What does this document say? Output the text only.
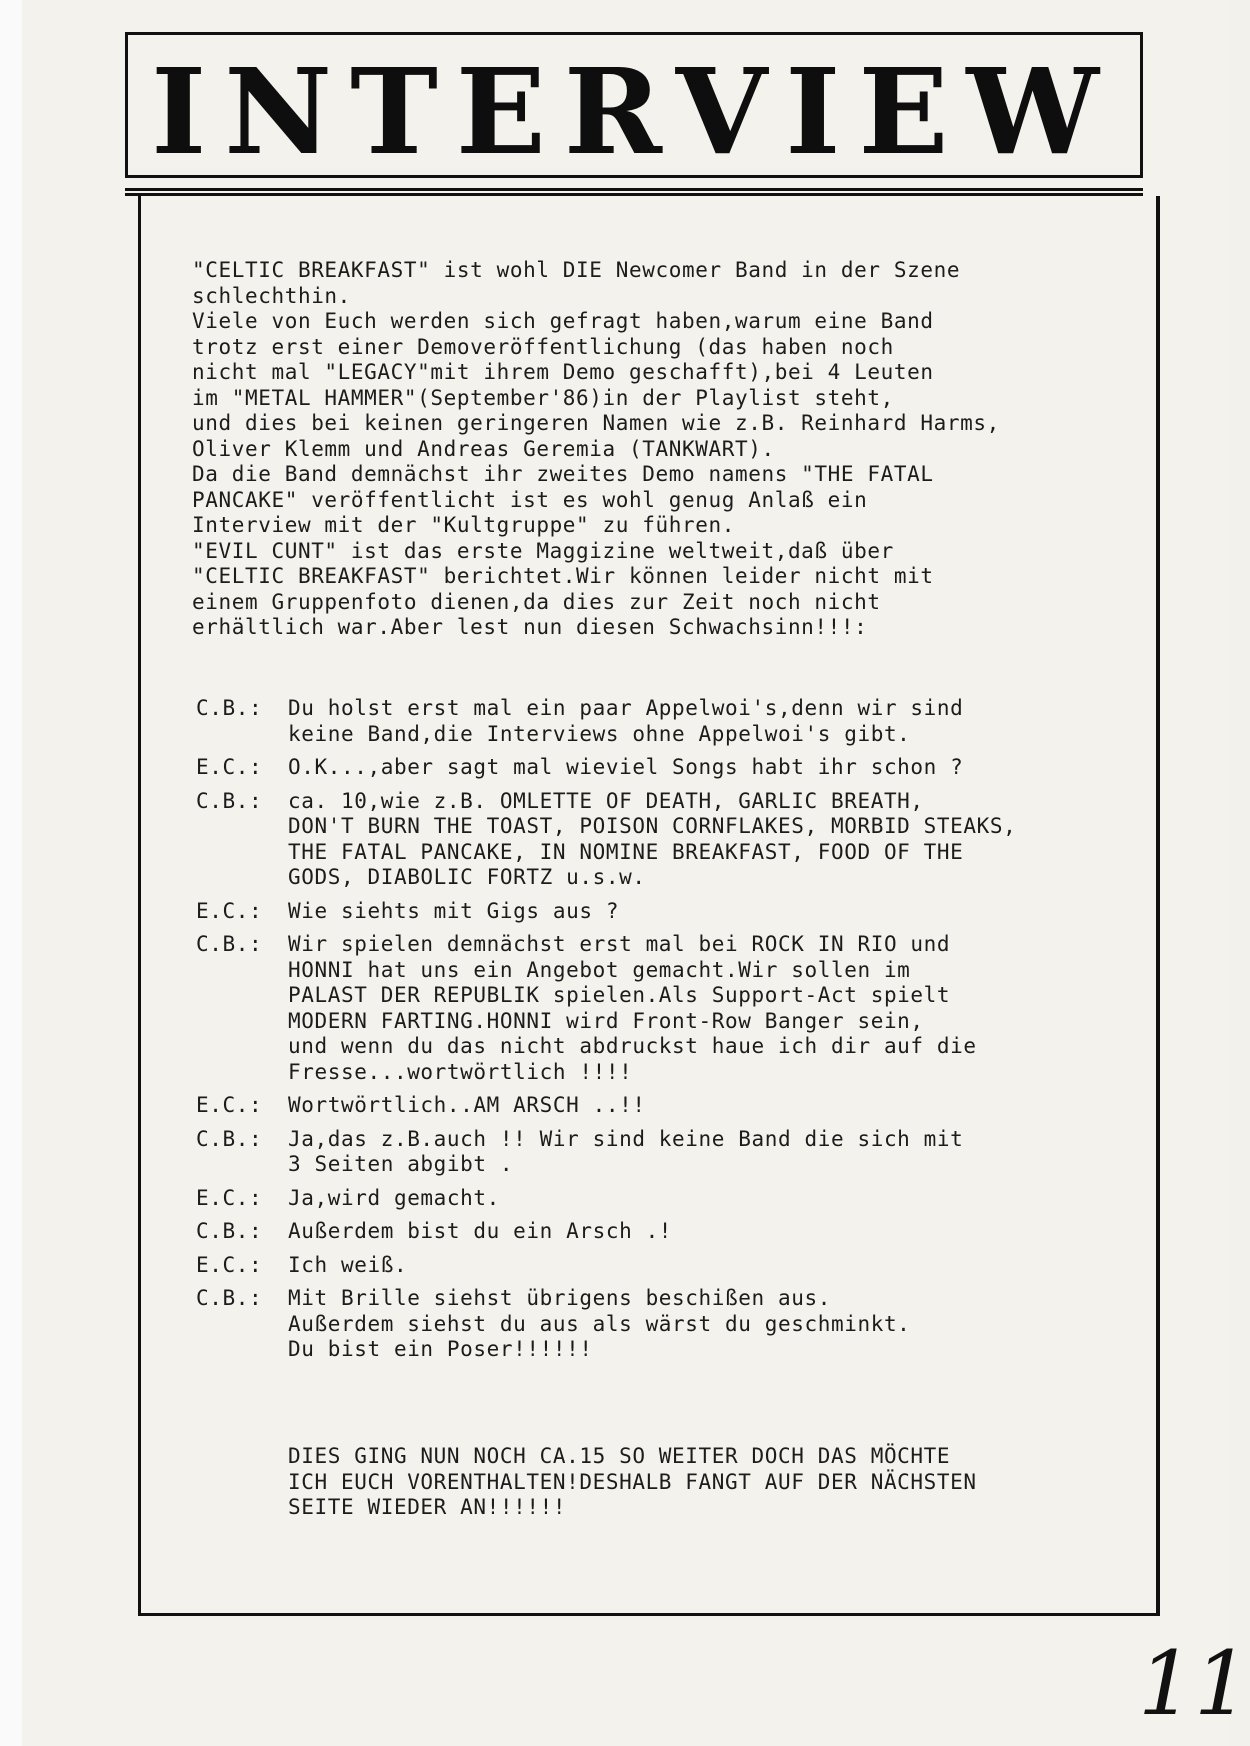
INTERVIEW
"CELTIC BREAKFAST" ist wohl DIE Newcomer Band in der Szene
schlechthin.
Viele von Euch werden sich gefragt haben,warum eine Band
trotz erst einer Demoveröffentlichung (das haben noch
nicht mal "LEGACY"mit ihrem Demo geschafft),bei 4 Leuten
im "METAL HAMMER"(September'86)in der Playlist steht,
und dies bei keinen geringeren Namen wie z.B. Reinhard Harms,
Oliver Klemm und Andreas Geremia (TANKWART).
Da die Band demnächst ihr zweites Demo namens "THE FATAL
PANCAKE" veröffentlicht ist es wohl genug Anlaß ein
Interview mit der "Kultgruppe" zu führen.
"EVIL CUNT" ist das erste Maggizine weltweit,daß über
"CELTIC BREAKFAST" berichtet.Wir können leider nicht mit
einem Gruppenfoto dienen,da dies zur Zeit noch nicht
erhältlich war.Aber lest nun diesen Schwachsinn!!!:
C.B.:	Du holst erst mal ein paar Appelwoi's,denn wir sind
keine Band,die Interviews ohne Appelwoi's gibt.
E.C.:	O.K...,aber sagt mal wieviel Songs habt ihr schon ?
C.B.:	ca. 10,wie z.B. OMLETTE OF DEATH, GARLIC BREATH,
DON'T BURN THE TOAST, POISON CORNFLAKES, MORBID STEAKS,
THE FATAL PANCAKE, IN NOMINE BREAKFAST, FOOD OF THE
GODS, DIABOLIC FORTZ u.s.w.
E.C.:	Wie siehts mit Gigs aus ?
C.B.:	Wir spielen demnächst erst mal bei ROCK IN RIO und
HONNI hat uns ein Angebot gemacht.Wir sollen im
PALAST DER REPUBLIK spielen.Als Support-Act spielt
MODERN FARTING.HONNI wird Front-Row Banger sein,
und wenn du das nicht abdruckst haue ich dir auf die
Fresse...wortwörtlich !!!!
E.C.:	Wortwörtlich..AM ARSCH ..!!
C.B.:	Ja,das z.B.auch !! Wir sind keine Band die sich mit
3 Seiten abgibt .
E.C.:	Ja,wird gemacht.
C.B.:	Außerdem bist du ein Arsch .!
E.C.:	Ich weiß.
C.B.:	Mit Brille siehst übrigens beschißen aus.
Außerdem siehst du aus als wärst du geschminkt.
Du bist ein Poser!!!!!!
DIES GING NUN NOCH CA.15 SO WEITER DOCH DAS MÖCHTE
ICH EUCH VORENTHALTEN!DESHALB FANGT AUF DER NÄCHSTEN
SEITE WIEDER AN!!!!!!
11
